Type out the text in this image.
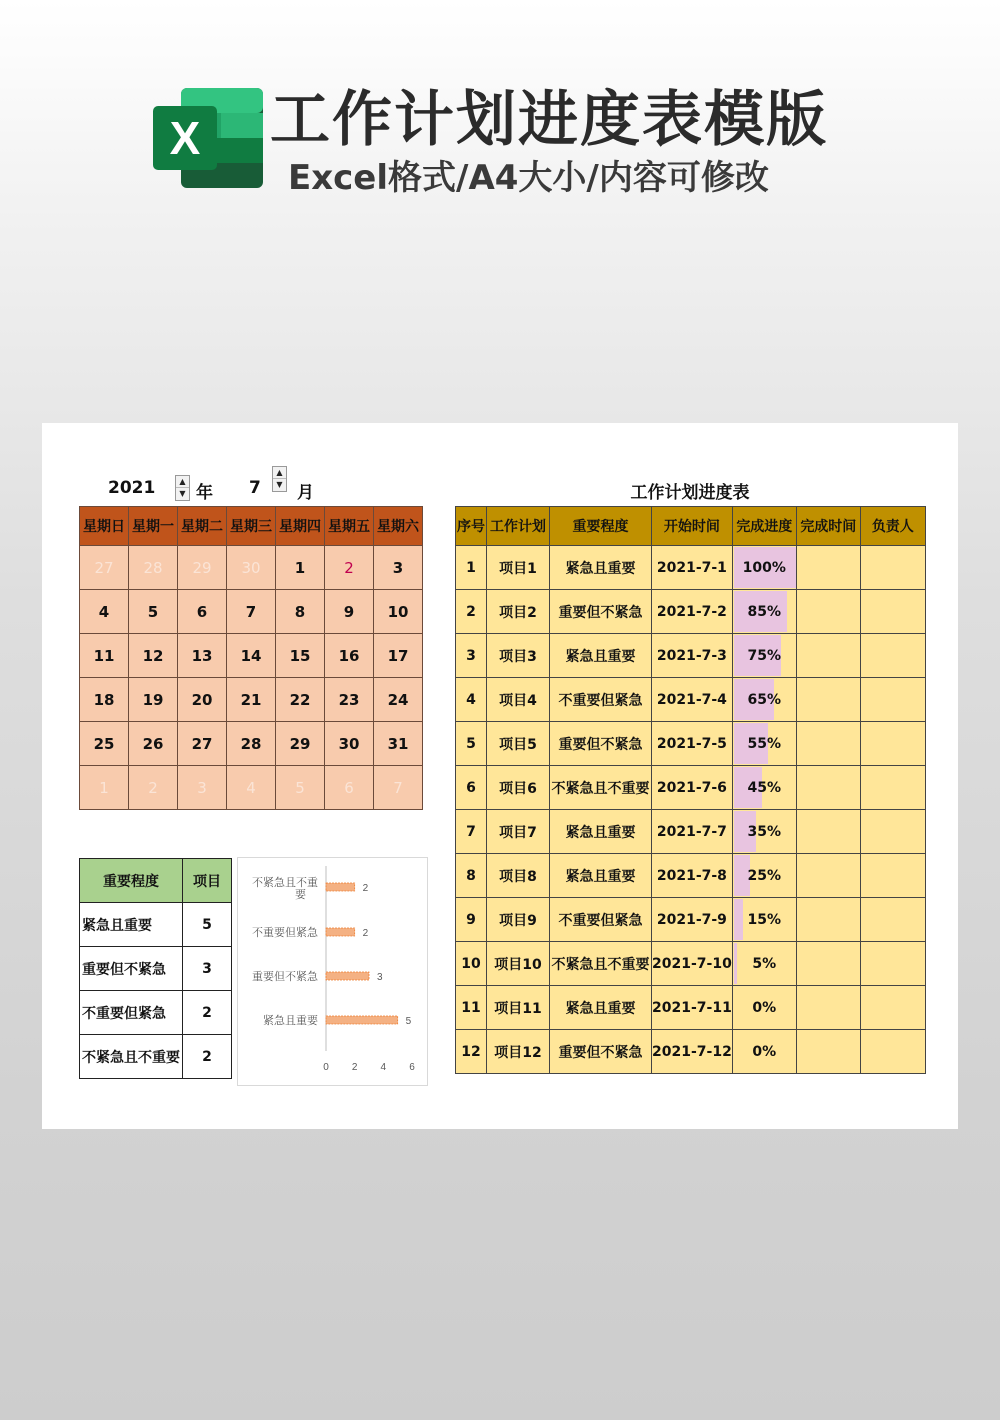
X 工作计划进度表模版
Excel格式/A4大小/内容可修改
2021	▲
▼ 年 7
▲
▼ 月
星期日	星期一	星期二	星期三	星期四	星期五	星期六
27	28	29	30	1	2	3
4	5	6	7	8	9	10
11	12	13	14	15	16	17
18	19	20	21	22	23	24
25	26	27	28	29	30	31
1	2	3	4	5	6	7
重要程度	项目
紧急且重要	5
重要但不紧急	3
不重要但紧急	2
不紧急且不重要	2
2
不紧急且不重要
2
不重要但紧急
3
重要但不紧急
5
紧急且重要
0 2 4 6
工作计划进度表
序号	工作计划	重要程度	开始时间	完成进度	完成时间	负责人
1	项目1	紧急且重要	2021-7-1	100%		
2	项目2	重要但不紧急	2021-7-2	85%		
3	项目3	紧急且重要	2021-7-3	75%		
4	项目4	不重要但紧急	2021-7-4	65%		
5	项目5	重要但不紧急	2021-7-5	55%		
6	项目6	不紧急且不重要	2021-7-6	45%		
7	项目7	紧急且重要	2021-7-7	35%		
8	项目8	紧急且重要	2021-7-8	25%		
9	项目9	不重要但紧急	2021-7-9	15%		
10	项目10	不紧急且不重要	2021-7-10	5%		
11	项目11	紧急且重要	2021-7-11	0%		
12	项目12	重要但不紧急	2021-7-12	0%		
